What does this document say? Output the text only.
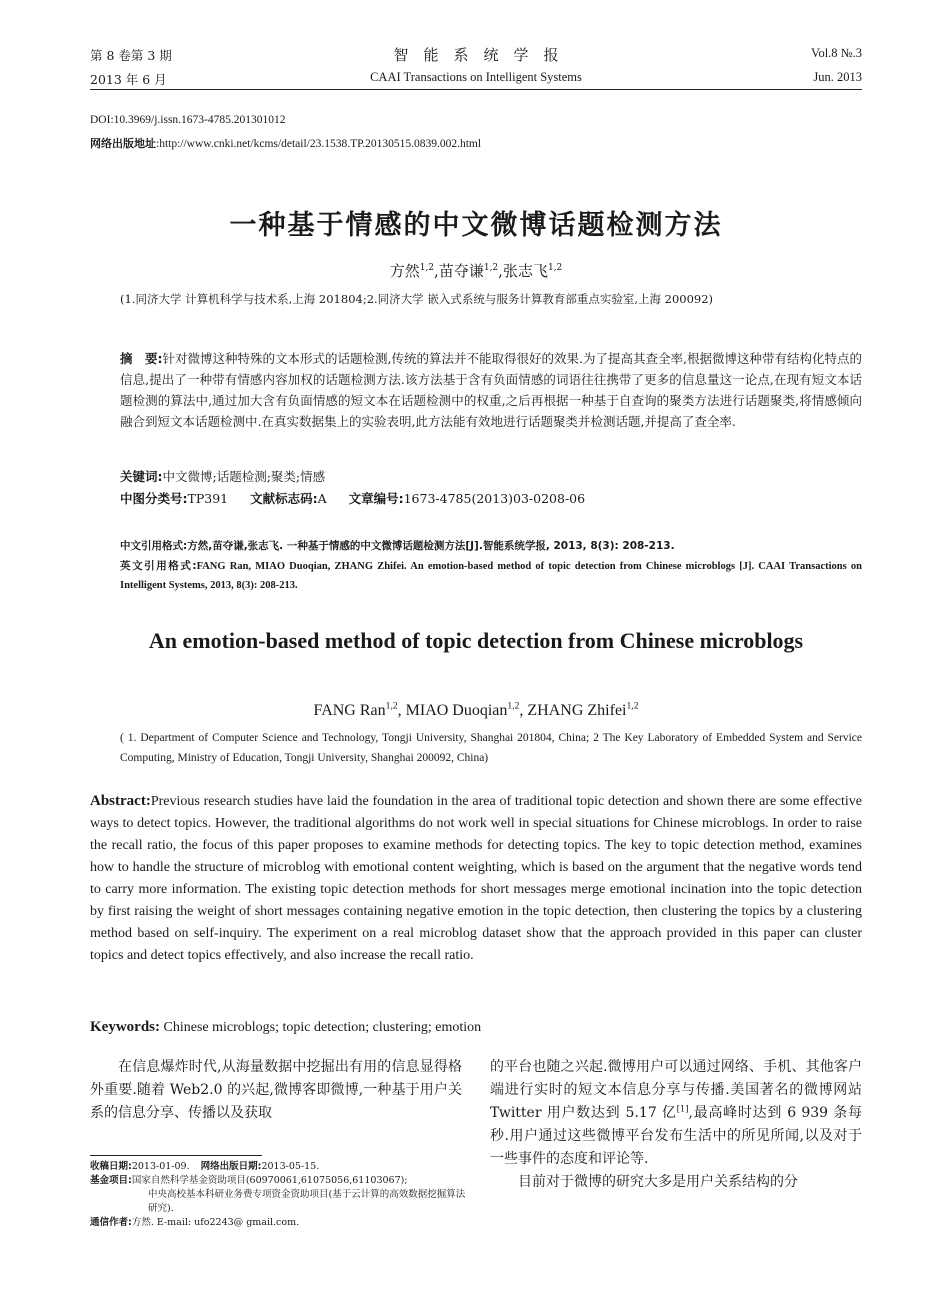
第 8 卷第 3 期
2013 年 6 月
智　能　系　统　学　报
CAAI Transactions on Intelligent Systems
Vol.8 №.3
Jun. 2013
DOI:10.3969/j.issn.1673-4785.201301012
网络出版地址:http://www.cnki.net/kcms/detail/23.1538.TP.20130515.0839.002.html
一种基于情感的中文微博话题检测方法
方然$^{1,2}$,苗夺谦$^{1,2}$,张志飞$^{1,2}$
(1.同济大学 计算机科学与技术系,上海 201804;2.同济大学 嵌入式系统与服务计算教育部重点实验室,上海 200092)
摘　要:针对微博这种特殊的文本形式的话题检测,传统的算法并不能取得很好的效果.为了提高其查全率,根据微博这种带有结构化特点的信息,提出了一种带有情感内容加权的话题检测方法.该方法基于含有负面情感的词语往往携带了更多的信息量这一论点,在现有短文本话题检测的算法中,通过加大含有负面情感的短文本在话题检测中的权重,之后再根据一种基于自查询的聚类方法进行话题聚类,将情感倾向融合到短文本话题检测中.在真实数据集上的实验表明,此方法能有效地进行话题聚类并检测话题,并提高了查全率.
关键词:中文微博;话题检测;聚类;情感
中图分类号:TP391 文献标志码:A 文章编号:1673-4785(2013)03-0208-06
中文引用格式:方然,苗夺谦,张志飞. 一种基于情感的中文微博话题检测方法[J].智能系统学报, 2013, 8(3): 208-213.
英文引用格式:FANG Ran, MIAO Duoqian, ZHANG Zhifei. An emotion-based method of topic detection from Chinese microblogs [J]. CAAI Transactions on Intelligent Systems, 2013, 8(3): 208-213.
An emotion-based method of topic detection from Chinese microblogs
FANG Ran$^{1,2}$, MIAO Duoqian$^{1,2}$, ZHANG Zhifei$^{1,2}$
( 1. Department of Computer Science and Technology, Tongji University, Shanghai 201804, China; 2 The Key Laboratory of Embedded System and Service Computing, Ministry of Education, Tongji University, Shanghai 200092, China)
Abstract:Previous research studies have laid the foundation in the area of traditional topic detection and shown there are some effective ways to detect topics. However, the traditional algorithms do not work well in special situations for Chinese microblogs. In order to raise the recall ratio, the focus of this paper proposes to examine methods for detecting topics. The key to topic detection method, examines how to handle the structure of microblog with emotional content weighting, which is based on the argument that the negative words tend to carry more information. The existing topic detection methods for short messages merge emotional incination into the topic detection by first raising the weight of short messages containing negative emotion in the topic detection, then clustering the topics by a clustering method based on self-inquiry. The experiment on a real microblog dataset show that the approach provided in this paper can cluster topics and detect topics effectively, and also increase the recall ratio.
Keywords: Chinese microblogs; topic detection; clustering; emotion

在信息爆炸时代,从海量数据中挖掘出有用的信息显得格外重要.随着 Web2.0 的兴起,微博客即微博,一种基于用户关系的信息分享、传播以及获取

的平台也随之兴起.微博用户可以通过网络、手机、其他客户端进行实时的短文本信息分享与传播.美国著名的微博网站 Twitter 用户数达到 5.17 亿[1],最高峰时达到 6 939 条每秒.用户通过这些微博平台发布生活中的所见所闻,以及对于一些事件的态度和评论等.

目前对于微博的研究大多是用户关系结构的分

收稿日期:2013-01-09. 网络出版日期:2013-05-15.
基金项目:国家自然科学基金资助项目(60970061,61075056,61103067);
中央高校基本科研业务费专项资金资助项目(基于云计算的高效数据挖掘算法研究).
通信作者:方然. E-mail: ufo2243@ gmail.com.
